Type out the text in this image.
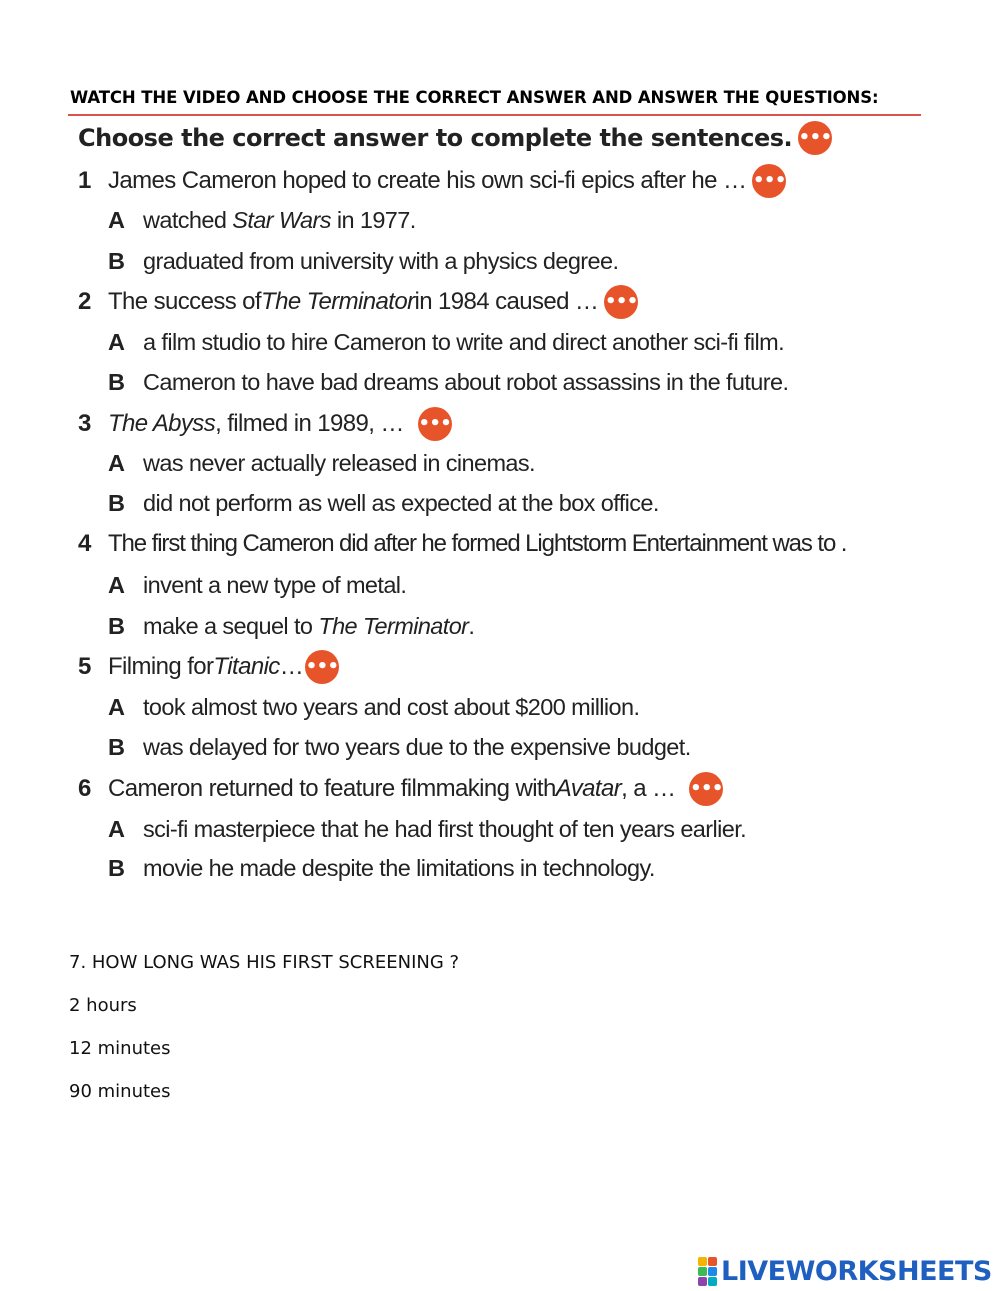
WATCH THE VIDEO AND CHOOSE THE CORRECT ANSWER AND ANSWER THE QUESTIONS:
Choose the correct answer to complete the sentences. •••
1 James Cameron hoped to create his own sci-fi epics after he … •••
A watched Star Wars in 1977.
B graduated from university with a physics degree.
2 The success of The Terminator in 1984 caused … •••
A a film studio to hire Cameron to write and direct another sci-fi film.
B Cameron to have bad dreams about robot assassins in the future.
3 The Abyss , filmed in 1989, … •••
A was never actually released in cinemas.
B did not perform as well as expected at the box office.
4 The first thing Cameron did after he formed Lightstorm Entertainment was to .
A invent a new type of metal.
B make a sequel to The Terminator.
5 Filming for Titanic … •••
A took almost two years and cost about $200 million.
B was delayed for two years due to the expensive budget.
6 Cameron returned to feature filmmaking with Avatar , a … •••
A sci-fi masterpiece that he had first thought of ten years earlier.
B movie he made despite the limitations in technology.
7. HOW LONG WAS HIS FIRST SCREENING ?
2 hours
12 minutes
90 minutes
LIVEWORKSHEETS
